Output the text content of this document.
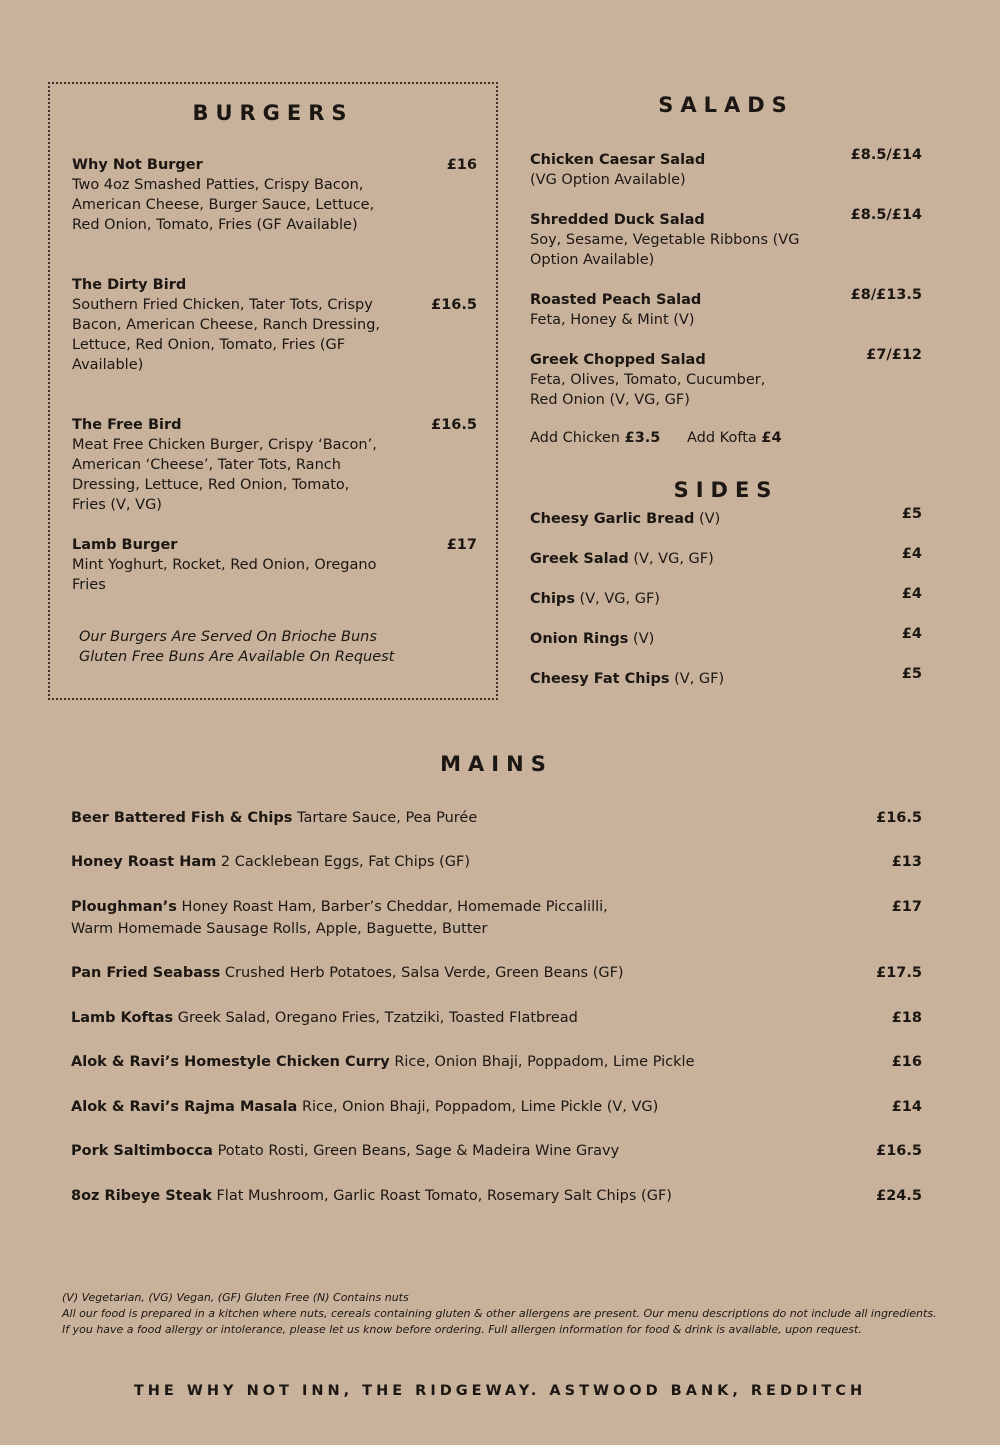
BURGERS
£16
Why Not Burger
Two 4oz Smashed Patties, Crispy Bacon, American Cheese, Burger Sauce, Lettuce, Red Onion, Tomato, Fries (GF Available)
£16.5
The Dirty Bird
Southern Fried Chicken, Tater Tots, Crispy Bacon, American Cheese, Ranch Dressing, Lettuce, Red Onion, Tomato, Fries (GF Available)
£16.5
The Free Bird
Meat Free Chicken Burger, Crispy ‘Bacon’, American ‘Cheese’, Tater Tots, Ranch Dressing, Lettuce, Red Onion, Tomato, Fries (V, VG)
£17
Lamb Burger
Mint Yoghurt, Rocket, Red Onion, Oregano Fries
Our Burgers Are Served On Brioche Buns
Gluten Free Buns Are Available On Request
SALADS
£8.5/£14
Chicken Caesar Salad
(VG Option Available)
£8.5/£14
Shredded Duck Salad
Soy, Sesame, Vegetable Ribbons (VG Option Available)
£8/£13.5
Roasted Peach Salad
Feta, Honey & Mint (V)
£7/£12
Greek Chopped Salad
Feta, Olives, Tomato, Cucumber, Red Onion (V, VG, GF)
Add Chicken £3.5 Add Kofta £4
SIDES
Cheesy Garlic Bread (V)	£5
Greek Salad (V, VG, GF)	£4
Chips (V, VG, GF)	£4
Onion Rings (V)	£4
Cheesy Fat Chips (V, GF)	£5
MAINS
Beer Battered Fish & Chips Tartare Sauce, Pea Purée	£16.5
Honey Roast Ham 2 Cacklebean Eggs, Fat Chips (GF)	£13
Ploughman’s Honey Roast Ham, Barber’s Cheddar, Homemade Piccalilli, Warm Homemade Sausage Rolls, Apple, Baguette, Butter
£17
Pan Fried Seabass Crushed Herb Potatoes, Salsa Verde, Green Beans (GF)	£17.5
Lamb Koftas Greek Salad, Oregano Fries, Tzatziki, Toasted Flatbread	£18
Alok & Ravi’s Homestyle Chicken Curry Rice, Onion Bhaji, Poppadom, Lime Pickle	£16
Alok & Ravi’s Rajma Masala Rice, Onion Bhaji, Poppadom, Lime Pickle (V, VG)	£14
Pork Saltimbocca Potato Rosti, Green Beans, Sage & Madeira Wine Gravy	£16.5
8oz Ribeye Steak Flat Mushroom, Garlic Roast Tomato, Rosemary Salt Chips (GF)	£24.5
(V) Vegetarian, (VG) Vegan, (GF) Gluten Free (N) Contains nuts
All our food is prepared in a kitchen where nuts, cereals containing gluten & other allergens are present. Our menu descriptions do not include all ingredients. If you have a food allergy or intolerance, please let us know before ordering. Full allergen information for food & drink is available, upon request.
THE WHY NOT INN, THE RIDGEWAY. ASTWOOD BANK, REDDITCH
